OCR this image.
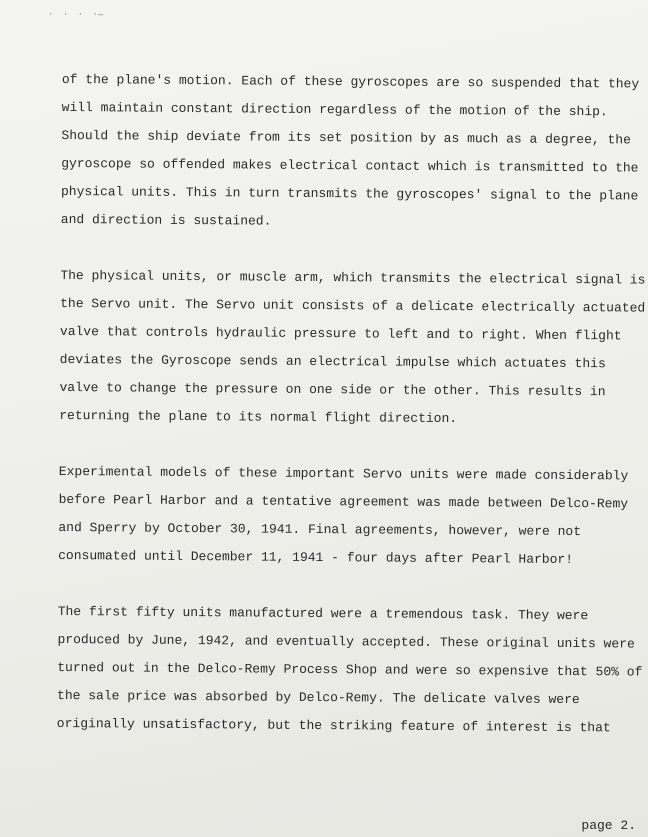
· · · ·̶
of the plane's motion. Each of these gyroscopes are so suspended that they
will maintain constant direction regardless of the motion of the ship.
Should the ship deviate from its set position by as much as a degree, the
gyroscope so offended makes electrical contact which is transmitted to the
physical units. This in turn transmits the gyroscopes' signal to the plane
and direction is sustained.
The physical units, or muscle arm, which transmits the electrical signal is
the Servo unit. The Servo unit consists of a delicate electrically actuated
valve that controls hydraulic pressure to left and to right. When flight
deviates the Gyroscope sends an electrical impulse which actuates this
valve to change the pressure on one side or the other. This results in
returning the plane to its normal flight direction.
Experimental models of these important Servo units were made considerably
before Pearl Harbor and a tentative agreement was made between Delco-Remy
and Sperry by October 30, 1941. Final agreements, however, were not
consumated until December 11, 1941 - four days after Pearl Harbor!
The first fifty units manufactured were a tremendous task. They were
produced by June, 1942, and eventually accepted. These original units were
turned out in the Delco-Remy Process Shop and were so expensive that 50% of
the sale price was absorbed by Delco-Remy. The delicate valves were
originally unsatisfactory, but the striking feature of interest is that
page 2.
